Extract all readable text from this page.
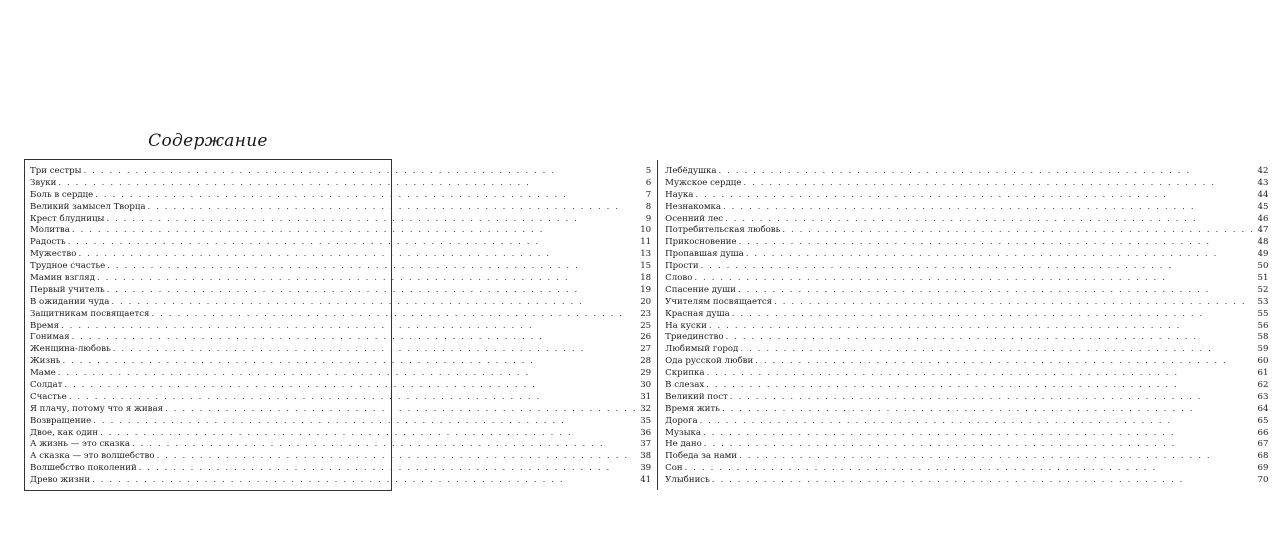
Содержание
Три сестры . . .	5
Звуки . . .	6
Боль в сердце . . .	7
Великий замысел Творца . . .	8
Крест блудницы . . .	9
Молитва . . .	10
Радость . . .	11
Мужество . . .	13
Трудное счастье . . .	15
Мамин взгляд . . .	18
Первый учитель . . .	19
В ожидании чуда . . .	20
Защитникам посвящается . . .	23
Время . . .	25
Гонимая . . .	26
Женщина-любовь . . .	27
Жизнь . . .	28
Маме . . .	29
Солдат . . .	30
Счастье . . .	31
Я плачу, потому что я живая . . .	32
Возвращение . . .	35
Двое, как один . . .	36
А жизнь — это сказка . . .	37
А сказка — это волшебство . . .	38
Волшебство поколений . . .	39
Древо жизни . . .	41
Лебёдушка . . .	42
Мужское сердце . . .	43
Наука . . .	44
Незнакомка . . .	45
Осенний лес . . .	46
Потребительская любовь . . .	47
Прикосновение . . .	48
Пропавшая душа . . .	49
Прости . . .	50
Слово . . .	51
Спасение души . . .	52
Учителям посвящается . . .	53
Красная душа . . .	55
На куски . . .	56
Триединство . . .	58
Любимый город . . .	59
Ода русской любви . . .	60
Скрипка . . .	61
В слезах . . .	62
Великий пост . . .	63
Время жить . . .	64
Дорога . . .	65
Музыка . . .	66
Не дано . . .	67
Победа за нами . . .	68
Сон . . .	69
Улыбнись . . .	70
